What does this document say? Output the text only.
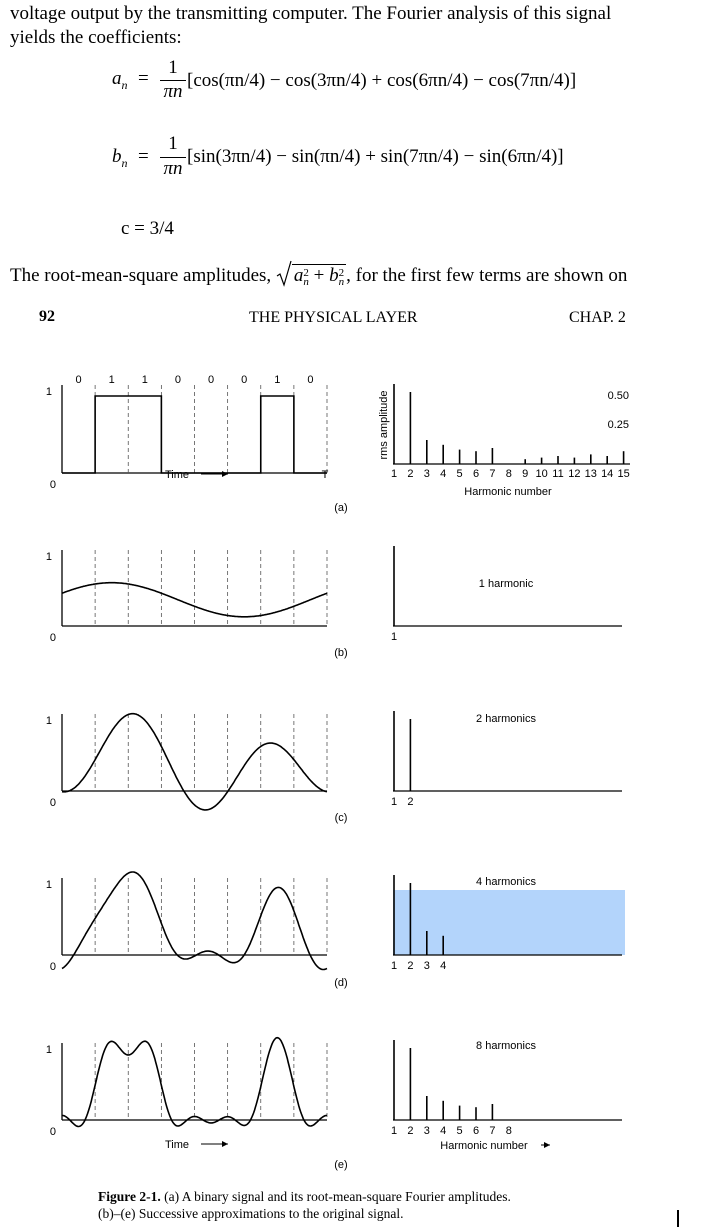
voltage output by the transmitting computer. The Fourier analysis of this signal
yields the coefficients:
$a_n$ =
1
πn
[cos(πn/4) − cos(3πn/4) + cos(6πn/4) − cos(7πn/4)]
$b_n$ =
1
πn
[sin(3πn/4) − sin(πn/4) + sin(7πn/4) − sin(6πn/4)]
c = 3/4
The root-mean-square amplitudes, a 2
n + b 2
n , for the first few terms are shown on
92	THE PHYSICAL LAYER	CHAP. 2
1
0
0 1 1 0 0 0 1 0
Time	T
(a)
1
0
(b)
1
0
(c)
1
0
(d)
1
0
Time
(e)
rms amplitude
1 2 3 4 5 6 7 8 9 10 11 12 13 14 15
0.50
0.25
Harmonic number
1 harmonic
1
2 harmonics
1 2
4 harmonics
1 2 3 4
8 harmonics
1 2 3 4 5 6 7 8
Harmonic number
Figure 2-1. (a) A binary signal and its root-mean-square Fourier amplitudes.
(b)–(e) Successive approximations to the original signal.
